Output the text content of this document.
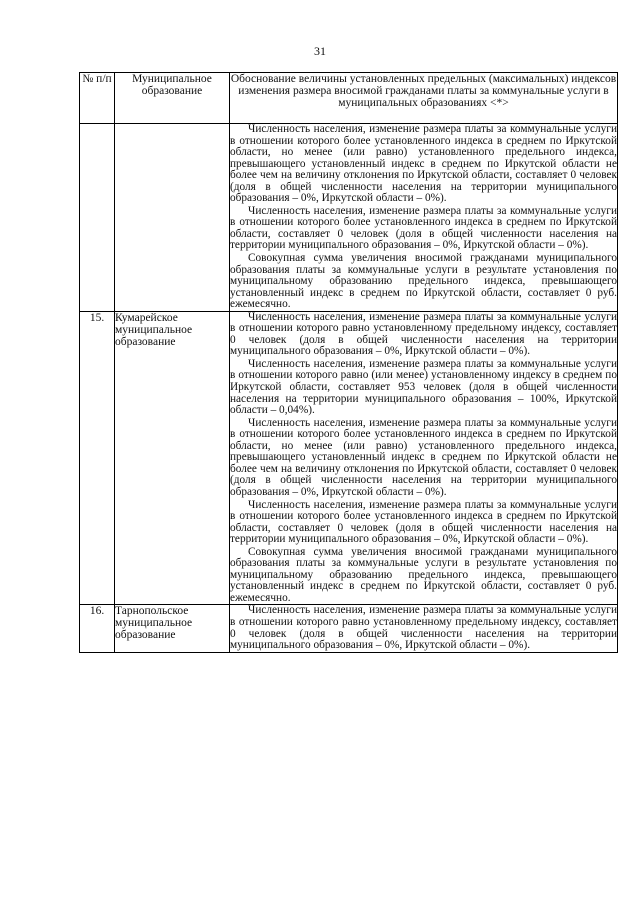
31
№ п/п	Муниципальное образование	Обоснование величины установленных предельных (максимальных) индексов изменения размера вносимой гражданами платы за коммунальные услуги в муниципальных образованиях <*>

		Численность населения, изменение размера платы за коммунальные услуги в отношении которого более установленного индекса в среднем по Иркутской области, но менее (или равно) установленного предельного индекса, превышающего установленный индекс в среднем по Иркутской области не более чем на величину отклонения по Иркутской области, составляет 0 человек (доля в общей численности населения на территории муниципального образования – 0%, Иркутской области – 0%).

Численность населения, изменение размера платы за коммунальные услуги в отношении которого более установленного индекса в среднем по Иркутской области, составляет 0 человек (доля в общей численности населения на территории муниципального образования – 0%, Иркутской области – 0%).

Совокупная сумма увеличения вносимой гражданами муниципального образования платы за коммунальные услуги в результате установления по муниципальному образованию предельного индекса, превышающего установленный индекс в среднем по Иркутской области, составляет 0 руб. ежемесячно.

15.	Кумарейское муниципальное образование	Численность населения, изменение размера платы за коммунальные услуги в отношении которого равно установленному предельному индексу, составляет 0 человек (доля в общей численности населения на территории муниципального образования – 0%, Иркутской области – 0%).

Численность населения, изменение размера платы за коммунальные услуги в отношении которого равно (или менее) установленному индексу в среднем по Иркутской области, составляет 953 человек (доля в общей численности населения на территории муниципального образования – 100%, Иркутской области – 0,04%).

Численность населения, изменение размера платы за коммунальные услуги в отношении которого более установленного индекса в среднем по Иркутской области, но менее (или равно) установленного предельного индекса, превышающего установленный индекс в среднем по Иркутской области не более чем на величину отклонения по Иркутской области, составляет 0 человек (доля в общей численности населения на территории муниципального образования – 0%, Иркутской области – 0%).

Численность населения, изменение размера платы за коммунальные услуги в отношении которого более установленного индекса в среднем по Иркутской области, составляет 0 человек (доля в общей численности населения на территории муниципального образования – 0%, Иркутской области – 0%).

Совокупная сумма увеличения вносимой гражданами муниципального образования платы за коммунальные услуги в результате установления по муниципальному образованию предельного индекса, превышающего установленный индекс в среднем по Иркутской области, составляет 0 руб. ежемесячно.

16.	Тарнопольское муниципальное образование	Численность населения, изменение размера платы за коммунальные услуги в отношении которого равно установленному предельному индексу, составляет 0 человек (доля в общей численности населения на территории муниципального образования – 0%, Иркутской области – 0%).
